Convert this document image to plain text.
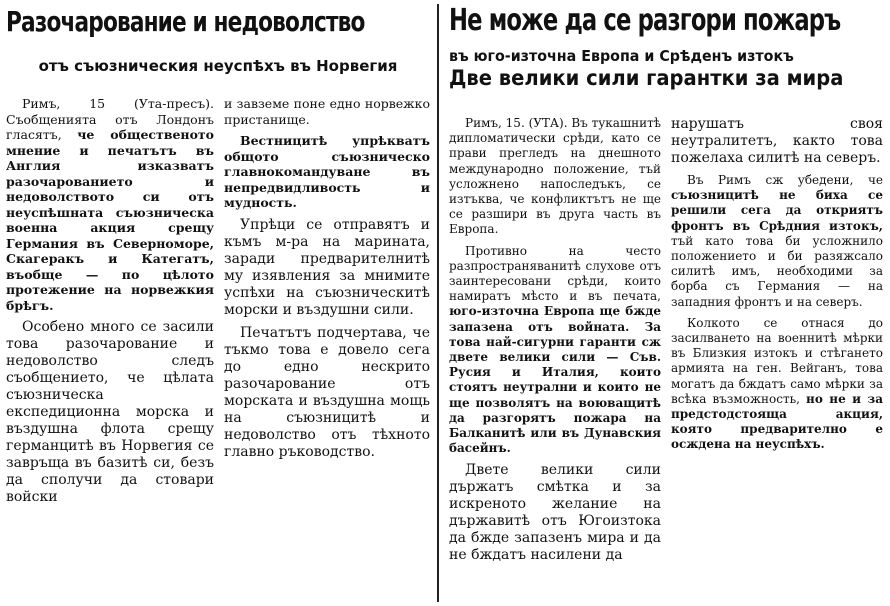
Разочарование и недоволство
отъ съюзническия неуспѣхъ въ Норвегия

Римъ, 15 (Ута-пресъ). Съобщенията отъ Лондонъ гласятъ, че общественото мнение и печатътъ въ Англия изказватъ разочарованието и недоволството си отъ неуспѣшната съюзническа военна акция срещу Германия въ Северноморе, Скагеракъ и Категатъ, въобще — по цѣлото протежение на норвежкия брѣгъ.

Особено много се засили това разочарование и недоволство следъ съобщението, че цѣлата съюзническа експедиционна морска и въздушна флота срещу германцитѣ въ Норвегия се завръща въ базитѣ си, безъ да сполучи да стовари войски

и завземе поне едно норвежко пристанище.

Вестницитѣ упрѣкватъ общото съюзническо главнокомандуване въ непредвидливость и мудность.

Упрѣци се отправятъ и къмъ м-ра на марината, заради предварителнитѣ му изявления за мнимите успѣхи на съюзническитѣ морски и въздушни сили.

Печатътъ подчертава, че тъкмо това е довело сега до едно нескрито разочарование отъ морската и въздушна мощь на съюзницитѣ и недоволство отъ тѣхното главно ръководство.

Не може да се разгори пожаръ
въ юго-източна Европа и Срѣденъ изтокъ
Две велики сили гарантки за мира

Римъ, 15. (УТА). Въ тукашнитѣ дипломатически срѣди, като се прави прегледъ на днешното международно положение, тъй усложнено напоследъкъ, се изтъква, че конфликтътъ не ще се разшири въ друга часть въ Европа.

Противно на често разпространяванитѣ слухове отъ заинтересовани срѣди, които намиратъ мѣсто и въ печата, юго-източна Европа ще бжде запазена отъ войната. За това най-сигурни гаранти сж двете велики сили — Съв. Русия и Италия, които стоятъ неутрални и които не ще позволятъ на воюващитѣ да разгорятъ пожара на Балканитѣ или въ Дунавския басейнъ.

Двете велики сили държатъ смѣтка и за искреното желание на държавитѣ отъ Югоизтока да бжде запазенъ мира и да не бждатъ насилени да

нарушатъ своя неутралитетъ, както това пожелаха силитѣ на северъ.

Въ Римъ сж убедени, че съюзницитѣ не биха се решили сега да откриятъ фронтъ въ Срѣдния изтокъ, тъй като това би усложнило положението и би разяжсало силитѣ имъ, необходими за борба съ Германия — на западния фронтъ и на северъ.

Колкото се отнася до засилването на военнитѣ мѣрки въ Близкия изтокъ и стѣгането армията на ген. Вейганъ, това могатъ да бждатъ само мѣрки за всѣка възможность, но не и за предстодстояща акция, която предварително е осждена на неуспѣхъ.
